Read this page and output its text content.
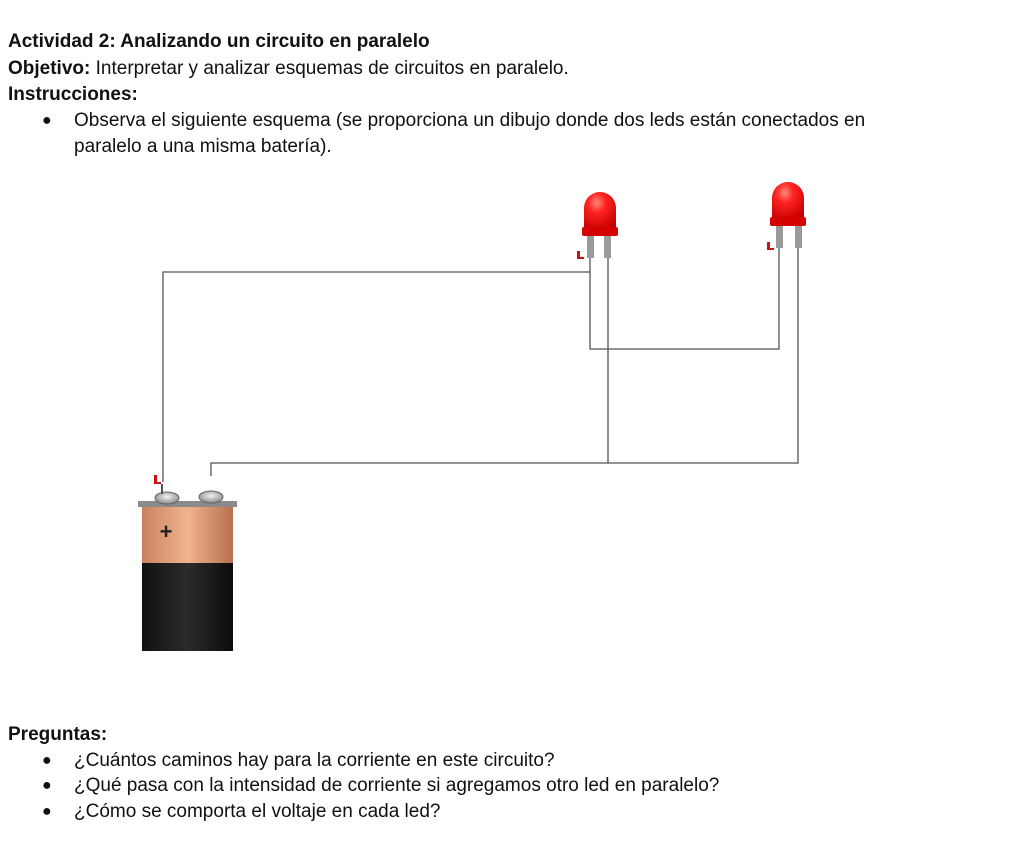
Actividad 2: Analizando un circuito en paralelo
Objetivo: Interpretar y analizar esquemas de circuitos en paralelo.
Instrucciones:
● Observa el siguiente esquema (se proporciona un dibujo donde dos leds están conectados en
paralelo a una misma batería).
+
Preguntas:
● ¿Cuántos caminos hay para la corriente en este circuito?
● ¿Qué pasa con la intensidad de corriente si agregamos otro led en paralelo?
● ¿Cómo se comporta el voltaje en cada led?
